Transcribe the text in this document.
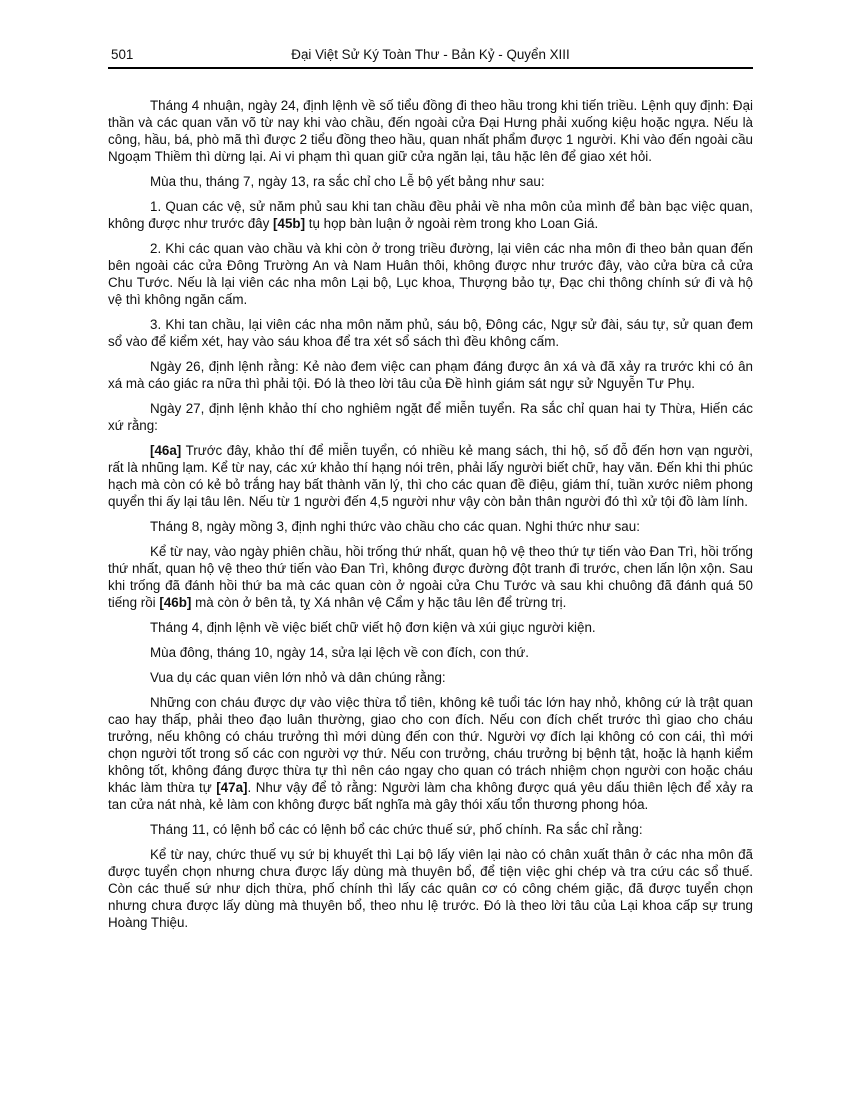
501	Đại Việt Sử Ký Toàn Thư - Bản Kỷ - Quyển XIII

Tháng 4 nhuận, ngày 24, định lệnh về số tiểu đồng đi theo hầu trong khi tiến triều. Lệnh quy định: Đại thần và các quan văn võ từ nay khi vào chầu, đến ngoài cửa Đại Hưng phải xuống kiệu hoặc ngựa. Nếu là công, hầu, bá, phò mã thì được 2 tiểu đồng theo hầu, quan nhất phẩm được 1 người. Khi vào đến ngoài cầu Ngoạm Thiềm thì dừng lại. Ai vi phạm thì quan giữ cửa ngăn lại, tâu hặc lên để giao xét hỏi.

Mùa thu, tháng 7, ngày 13, ra sắc chỉ cho Lễ bộ yết bảng như sau:

1. Quan các vệ, sử năm phủ sau khi tan chầu đều phải về nha môn của mình để bàn bạc việc quan, không được như trước đây [45b] tụ họp bàn luận ở ngoài rèm trong kho Loan Giá.

2. Khi các quan vào chầu và khi còn ở trong triều đường, lại viên các nha môn đi theo bản quan đến bên ngoài các cửa Đông Trường An và Nam Huân thôi, không được như trước đây, vào cửa bừa cả cửa Chu Tước. Nếu là lại viên các nha môn Lại bộ, Lục khoa, Thượng bảo tự, Đạc chi thông chính sứ đi và hộ vệ thì không ngăn cấm.

3. Khi tan chầu, lại viên các nha môn năm phủ, sáu bộ, Đông các, Ngự sử đài, sáu tự, sử quan đem sổ vào để kiểm xét, hay vào sáu khoa để tra xét sổ sách thì đều không cấm.

Ngày 26, định lệnh rằng: Kẻ nào đem việc can phạm đáng được ân xá và đã xảy ra trước khi có ân xá mà cáo giác ra nữa thì phải tội. Đó là theo lời tâu của Đề hình giám sát ngự sử Nguyễn Tư Phụ.

Ngày 27, định lệnh khảo thí cho nghiêm ngặt để miễn tuyển. Ra sắc chỉ quan hai ty Thừa, Hiến các xứ rằng:

[46a] Trước đây, khảo thí để miễn tuyển, có nhiều kẻ mang sách, thi hộ, số đỗ đến hơn vạn người, rất là nhũng lạm. Kể từ nay, các xứ khảo thí hạng nói trên, phải lấy người biết chữ, hay văn. Đến khi thi phúc hạch mà còn có kẻ bỏ trắng hay bất thành văn lý, thì cho các quan đề điệu, giám thí, tuần xước niêm phong quyển thi ấy lại tâu lên. Nếu từ 1 người đến 4,5 người như vậy còn bản thân người đó thì xử tội đồ làm lính.

Tháng 8, ngày mồng 3, định nghi thức vào chầu cho các quan. Nghi thức như sau:

Kể từ nay, vào ngày phiên chầu, hồi trống thứ nhất, quan hộ vệ theo thứ tự tiến vào Đan Trì, hồi trống thứ nhất, quan hộ vệ theo thứ tiến vào Đan Trì, không được đường đột tranh đi trước, chen lấn lộn xộn. Sau khi trống đã đánh hồi thứ ba mà các quan còn ở ngoài cửa Chu Tước và sau khi chuông đã đánh quá 50 tiếng rồi [46b] mà còn ở bên tả, tỵ Xá nhân vệ Cẩm y hặc tâu lên để trừng trị.

Tháng 4, định lệnh về việc biết chữ viết hộ đơn kiện và xúi giục người kiện.

Mùa đông, tháng 10, ngày 14, sửa lại lệch về con đích, con thứ.

Vua dụ các quan viên lớn nhỏ và dân chúng rằng:

Những con cháu được dự vào việc thừa tổ tiên, không kê tuổi tác lớn hay nhỏ, không cứ là trật quan cao hay thấp, phải theo đạo luân thường, giao cho con đích. Nếu con đích chết trước thì giao cho cháu trưởng, nếu không có cháu trưởng thì mới dùng đến con thứ. Người vợ đích lại không có con cái, thì mới chọn người tốt trong số các con người vợ thứ. Nếu con trưởng, cháu trưởng bị bệnh tật, hoặc là hạnh kiểm không tốt, không đáng được thừa tự thì nên cáo ngay cho quan có trách nhiệm chọn người con hoặc cháu khác làm thừa tự [47a]. Như vậy để tỏ rằng: Người làm cha không được quá yêu dấu thiên lệch để xảy ra tan cửa nát nhà, kẻ làm con không được bất nghĩa mà gây thói xấu tổn thương phong hóa.

Tháng 11, có lệnh bổ các có lệnh bổ các chức thuế sứ, phố chính. Ra sắc chỉ rằng:

Kể từ nay, chức thuế vụ sứ bị khuyết thì Lại bộ lấy viên lại nào có chân xuất thân ở các nha môn đã được tuyển chọn nhưng chưa được lấy dùng mà thuyên bổ, để tiện việc ghi chép và tra cứu các sổ thuế. Còn các thuế sứ như dịch thừa, phố chính thì lấy các quân cơ có công chém giặc, đã được tuyển chọn nhưng chưa được lấy dùng mà thuyên bổ, theo nhu lệ trước. Đó là theo lời tâu của Lại khoa cấp sự trung Hoàng Thiệu.
